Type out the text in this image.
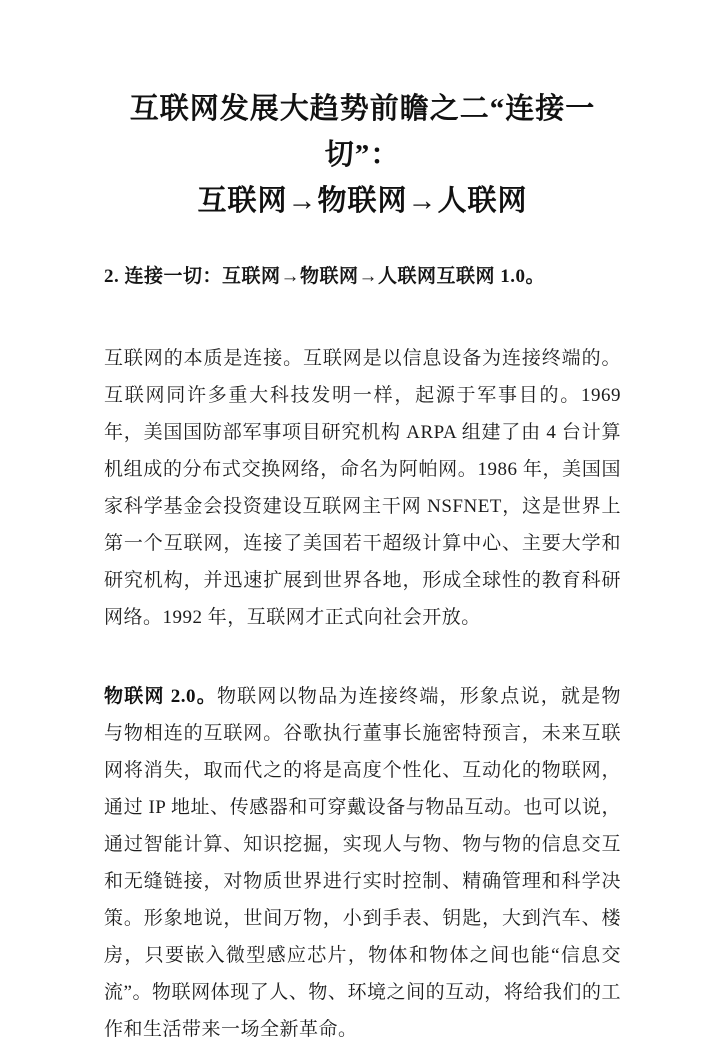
互联网发展大趋势前瞻之二“连接一切”：
互联网→物联网→人联网
2. 连接一切：互联网→物联网→人联网互联网 1.0。

互联网的本质是连接。互联网是以信息设备为连接终端的。互联网同许多重大科技发明一样，起源于军事目的。1969 年，美国国防部军事项目研究机构 ARPA 组建了由 4 台计算机组成的分布式交换网络，命名为阿帕网。1986 年，美国国家科学基金会投资建设互联网主干网 NSFNET，这是世界上第一个互联网，连接了美国若干超级计算中心、主要大学和研究机构，并迅速扩展到世界各地，形成全球性的教育科研网络。1992 年，互联网才正式向社会开放。

物联网 2.0。物联网以物品为连接终端，形象点说，就是物与物相连的互联网。谷歌执行董事长施密特预言，未来互联网将消失，取而代之的将是高度个性化、互动化的物联网，通过 IP 地址、传感器和可穿戴设备与物品互动。也可以说，通过智能计算、知识挖掘，实现人与物、物与物的信息交互和无缝链接，对物质世界进行实时控制、精确管理和科学决策。形象地说，世间万物，小到手表、钥匙，大到汽车、楼房，只要嵌入微型感应芯片，物体和物体之间也能“信息交流”。物联网体现了人、物、环境之间的互动，将给我们的工作和生活带来一场全新革命。
